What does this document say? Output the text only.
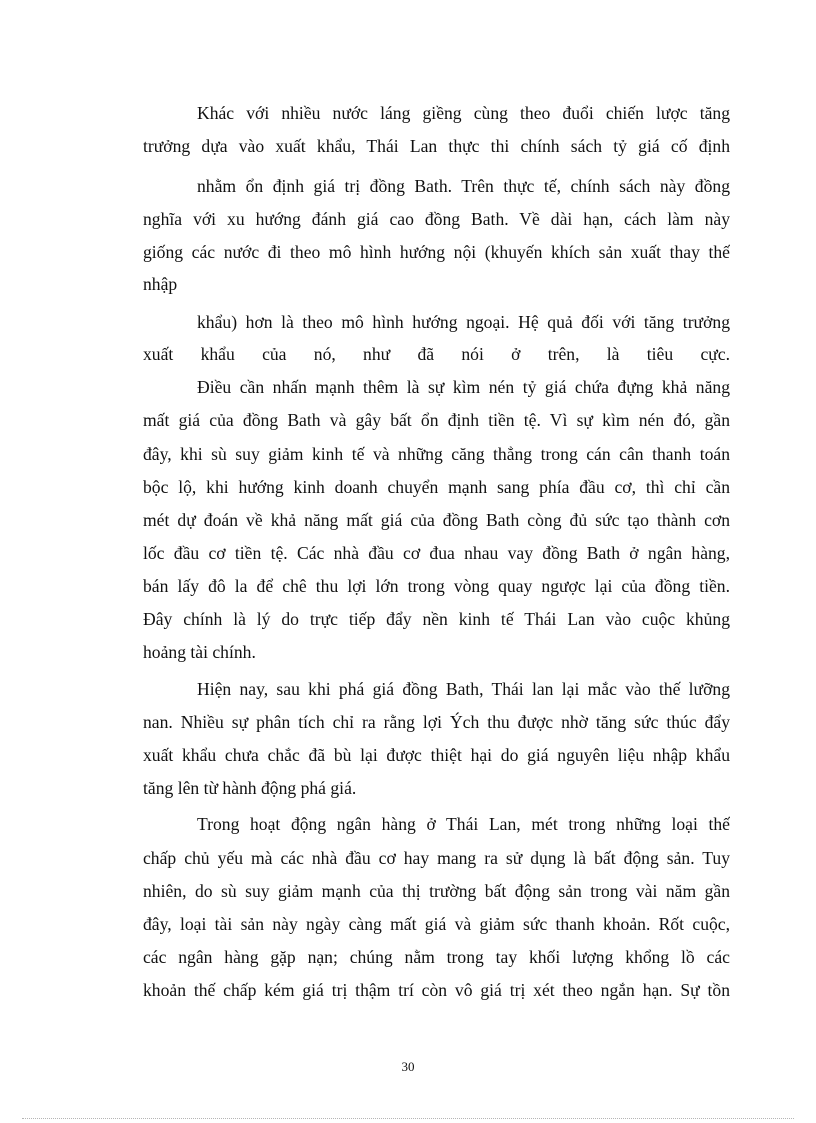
Khác với nhiều nước láng giềng cùng theo đuổi chiến lược tăng
trưởng dựa vào xuất khẩu, Thái Lan thực thi chính sách tỷ giá cố định
nhằm ổn định giá trị đồng Bath. Trên thực tế, chính sách này đồng
nghĩa với xu hướng đánh giá cao đồng Bath. Về dài hạn, cách làm này
giống các nước đi theo mô hình hướng nội (khuyến khích sản xuất thay thế
nhập
khẩu) hơn là theo mô hình hướng ngoại. Hệ quả đối với tăng trưởng
xuất khẩu của nó, như đã nói ở trên, là tiêu cực.
Điều cần nhấn mạnh thêm là sự kìm nén tỷ giá chứa đựng khả năng
mất giá của đồng Bath và gây bất ổn định tiền tệ. Vì sự kìm nén đó, gần
đây, khi sù suy giảm kinh tế và những căng thẳng trong cán cân thanh toán
bộc lộ, khi hướng kinh doanh chuyển mạnh sang phía đầu cơ, thì chỉ cần
mét dự đoán về khả năng mất giá của đồng Bath còng đủ sức tạo thành cơn
lốc đầu cơ tiền tệ. Các nhà đầu cơ đua nhau vay đồng Bath ở ngân hàng,
bán lấy đô la để chê thu lợi lớn trong vòng quay ngược lại của đồng tiền.
Đây chính là lý do trực tiếp đẩy nền kinh tế Thái Lan vào cuộc khủng
hoảng tài chính.
Hiện nay, sau khi phá giá đồng Bath, Thái lan lại mắc vào thế lưỡng
nan. Nhiều sự phân tích chỉ ra rằng lợi Ých thu được nhờ tăng sức thúc đẩy
xuất khẩu chưa chắc đã bù lại được thiệt hại do giá nguyên liệu nhập khẩu
tăng lên từ hành động phá giá.
Trong hoạt động ngân hàng ở Thái Lan, mét trong những loại thế
chấp chủ yếu mà các nhà đầu cơ hay mang ra sử dụng là bất động sản. Tuy
nhiên, do sù suy giảm mạnh của thị trường bất động sản trong vài năm gần
đây, loại tài sản này ngày càng mất giá và giảm sức thanh khoản. Rốt cuộc,
các ngân hàng gặp nạn; chúng nằm trong tay khối lượng khổng lồ các
khoản thế chấp kém giá trị thậm trí còn vô giá trị xét theo ngắn hạn. Sự tồn
30
